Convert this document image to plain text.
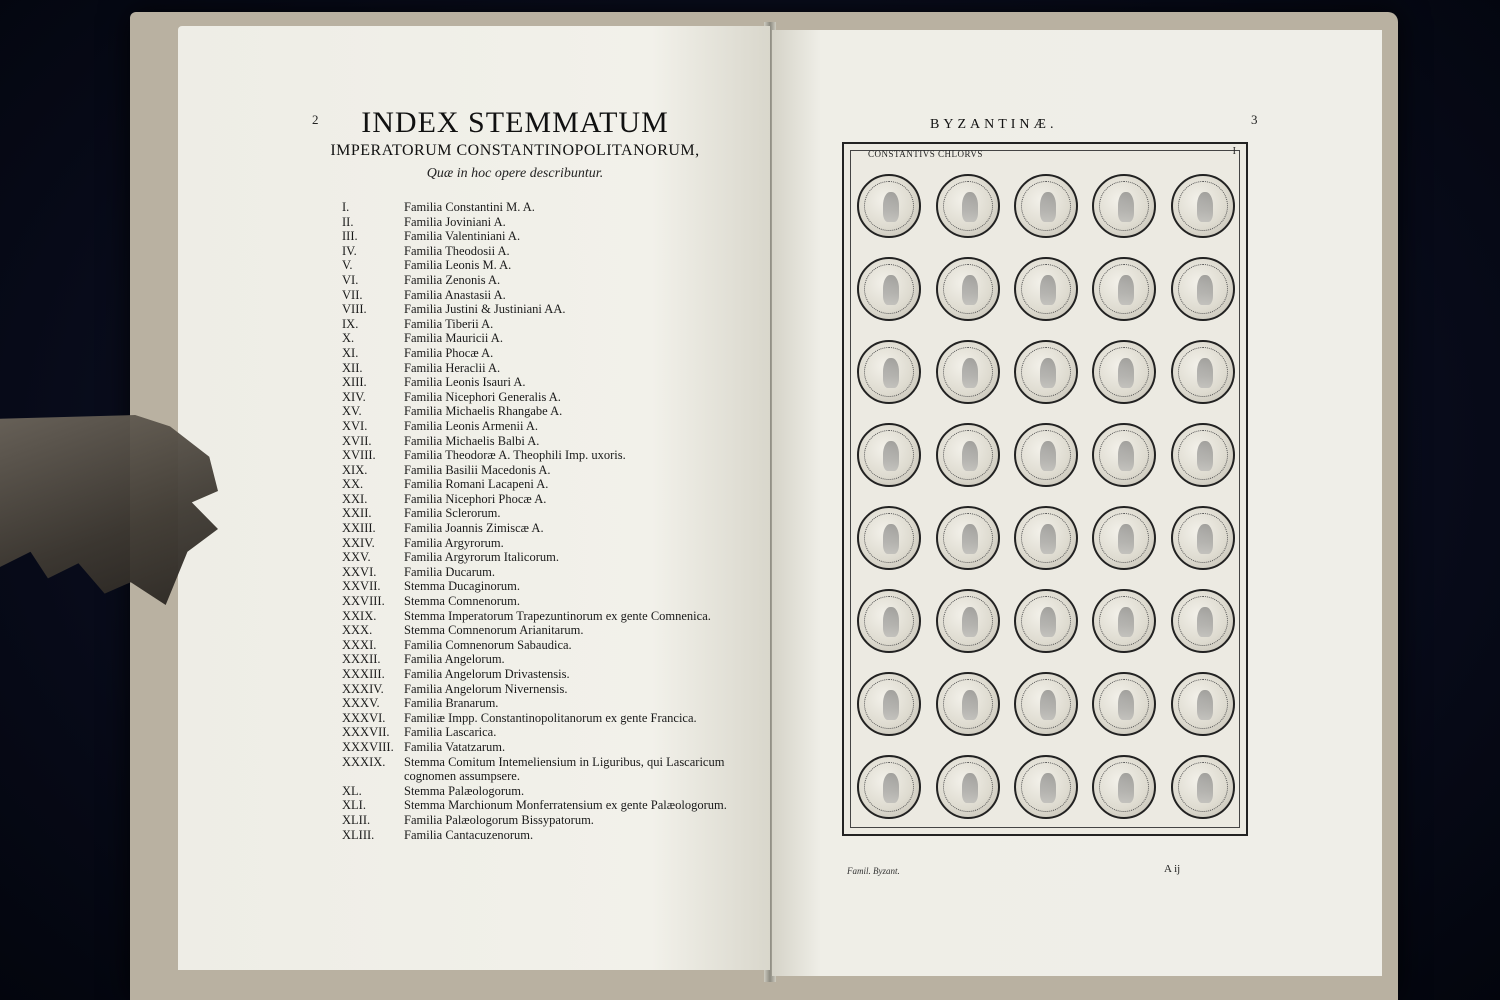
2	INDEX STEMMATUM
IMPERATORUM CONSTANTINOPOLITANORUM,
Quæ in hoc opere describuntur.
I.	Familia Constantini M. A.
II.	Familia Joviniani A.
III.	Familia Valentiniani A.
IV.	Familia Theodosii A.
V.	Familia Leonis M. A.
VI.	Familia Zenonis A.
VII.	Familia Anastasii A.
VIII.	Familia Justini & Justiniani AA.
IX.	Familia Tiberii A.
X.	Familia Mauricii A.
XI.	Familia Phocæ A.
XII.	Familia Heraclii A.
XIII.	Familia Leonis Isauri A.
XIV.	Familia Nicephori Generalis A.
XV.	Familia Michaelis Rhangabe A.
XVI.	Familia Leonis Armenii A.
XVII.	Familia Michaelis Balbi A.
XVIII.	Familia Theodoræ A. Theophili Imp. uxoris.
XIX.	Familia Basilii Macedonis A.
XX.	Familia Romani Lacapeni A.
XXI.	Familia Nicephori Phocæ A.
XXII.	Familia Sclerorum.
XXIII.	Familia Joannis Zimiscæ A.
XXIV.	Familia Argyrorum.
XXV.	Familia Argyrorum Italicorum.
XXVI.	Familia Ducarum.
XXVII.	Stemma Ducaginorum.
XXVIII.	Stemma Comnenorum.
XXIX.	Stemma Imperatorum Trapezuntinorum ex gente Comnenica.
XXX.	Stemma Comnenorum Arianitarum.
XXXI.	Familia Comnenorum Sabaudica.
XXXII.	Familia Angelorum.
XXXIII.	Familia Angelorum Drivastensis.
XXXIV.	Familia Angelorum Nivernensis.
XXXV.	Familia Branarum.
XXXVI.	Familiæ Impp. Constantinopolitanorum ex gente Francica.
XXXVII.	Familia Lascarica.
XXXVIII. Familia Vatatzarum.
XXXIX.	Stemma Comitum Intemeliensium in Liguribus, qui Lascaricum cognomen assumpsere.
XL.	Stemma Palæologorum.
XLI.	Stemma Marchionum Monferratensium ex gente Palæologorum.
XLII.	Familia Palæologorum Bissypatorum.
XLIII.	Familia Cantacuzenorum.
BYZANTINÆ.	3
CONSTANTIVS CHLORVS	I
Famil. Byzant.	A ij
